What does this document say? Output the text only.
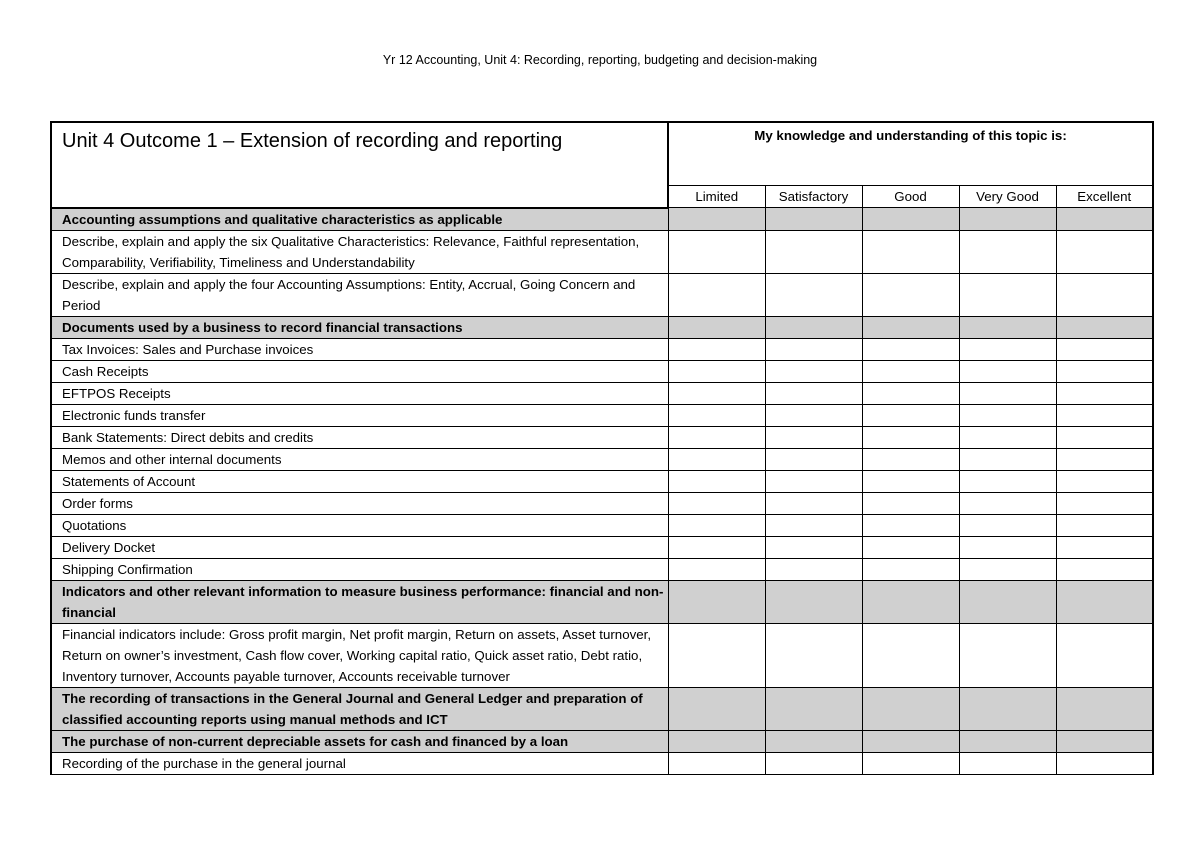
Yr 12 Accounting, Unit 4: Recording, reporting, budgeting and decision-making
Unit 4 Outcome 1 – Extension of recording and reporting	My knowledge and understanding of this topic is:				
	Limited	Satisfactory	Good	Very Good	Excellent
Accounting assumptions and qualitative characteristics as applicable					
Describe, explain and apply the six Qualitative Characteristics: Relevance, Faithful representation, Comparability, Verifiability, Timeliness and Understandability					
Describe, explain and apply the four Accounting Assumptions: Entity, Accrual, Going Concern and Period					
Documents used by a business to record financial transactions					
Tax Invoices: Sales and Purchase invoices					
Cash Receipts					
EFTPOS Receipts					
Electronic funds transfer					
Bank Statements: Direct debits and credits					
Memos and other internal documents					
Statements of Account					
Order forms					
Quotations					
Delivery Docket					
Shipping Confirmation					
Indicators and other relevant information to measure business performance: financial and non-financial					
Financial indicators include: Gross profit margin, Net profit margin, Return on assets, Asset turnover, Return on owner’s investment, Cash flow cover, Working capital ratio, Quick asset ratio, Debt ratio, Inventory turnover, Accounts payable turnover, Accounts receivable turnover					
The recording of transactions in the General Journal and General Ledger and preparation of classified accounting reports using manual methods and ICT					
The purchase of non-current depreciable assets for cash and financed by a loan					
Recording of the purchase in the general journal					
